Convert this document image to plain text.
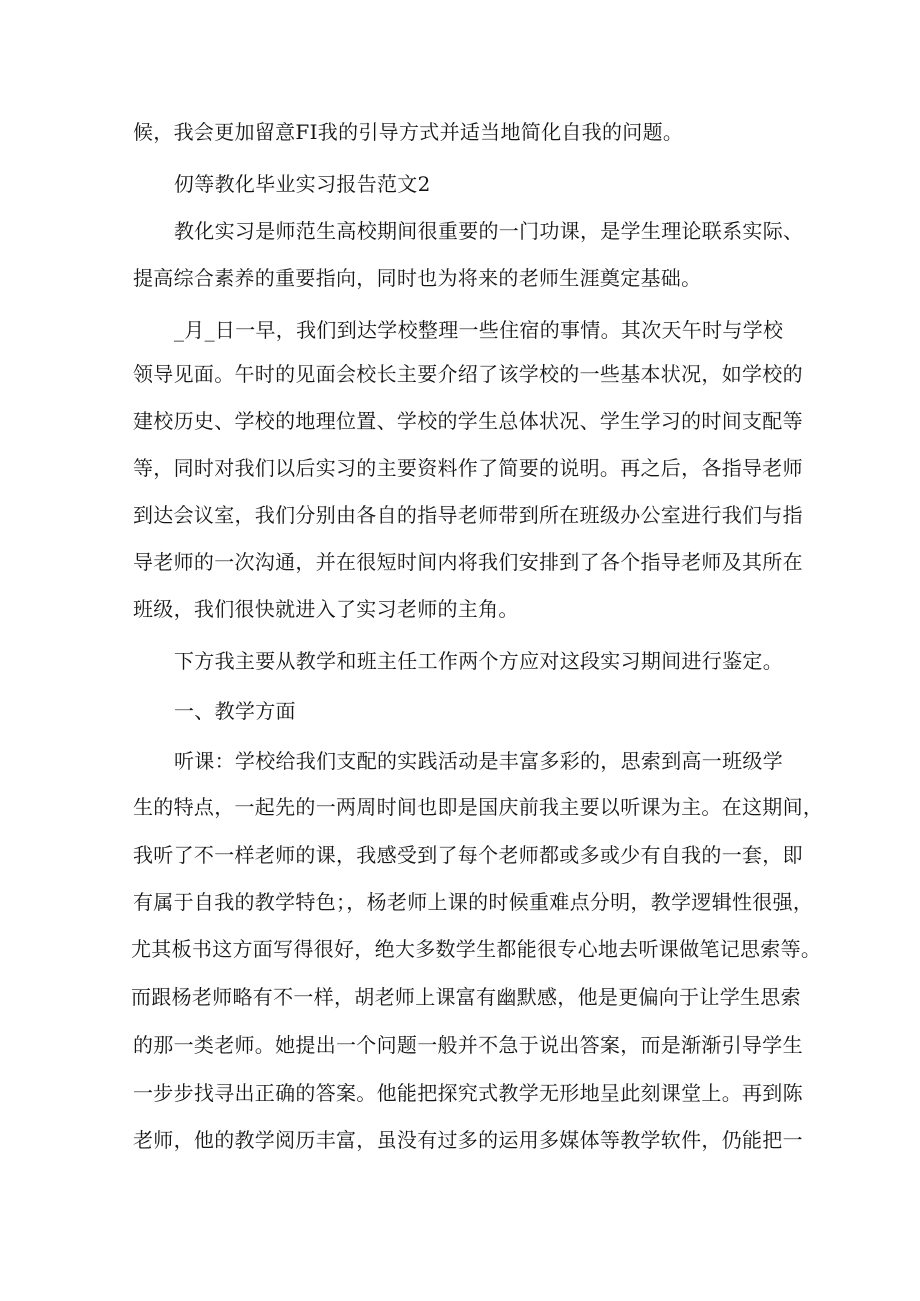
候，我会更加留意FI我的引导方式并适当地简化自我的问题。
仞等教化毕业实习报告范文2
教化实习是师范生高校期间很重要的一门功课，是学生理论联系实际、
提高综合素养的重要指向，同时也为将来的老师生涯奠定基础。
_月_日一早，我们到达学校整理一些住宿的事情。其次天午时与学校
领导见面。午时的见面会校长主要介绍了该学校的一些基本状况，如学校的
建校历史、学校的地理位置、学校的学生总体状况、学生学习的时间支配等
等，同时对我们以后实习的主要资料作了简要的说明。再之后，各指导老师
到达会议室，我们分别由各自的指导老师带到所在班级办公室进行我们与指
导老师的一次沟通，并在很短时间内将我们安排到了各个指导老师及其所在
班级，我们很快就进入了实习老师的主角。
下方我主要从教学和班主任工作两个方应对这段实习期间进行鉴定。
一、教学方面
听课：学校给我们支配的实践活动是丰富多彩的，思索到高一班级学
生的特点，一起先的一两周时间也即是国庆前我主要以听课为主。在这期间，
我听了不一样老师的课，我感受到了每个老师都或多或少有自我的一套，即
有属于自我的教学特色；，杨老师上课的时候重难点分明，教学逻辑性很强，
尤其板书这方面写得很好，绝大多数学生都能很专心地去听课做笔记思索等。
而跟杨老师略有不一样，胡老师上课富有幽默感，他是更偏向于让学生思索
的那一类老师。她提出一个问题一般并不急于说出答案，而是渐渐引导学生
一步步找寻出正确的答案。他能把探究式教学无形地呈此刻课堂上。再到陈
老师，他的教学阅历丰富，虽没有过多的运用多媒体等教学软件，仍能把一
